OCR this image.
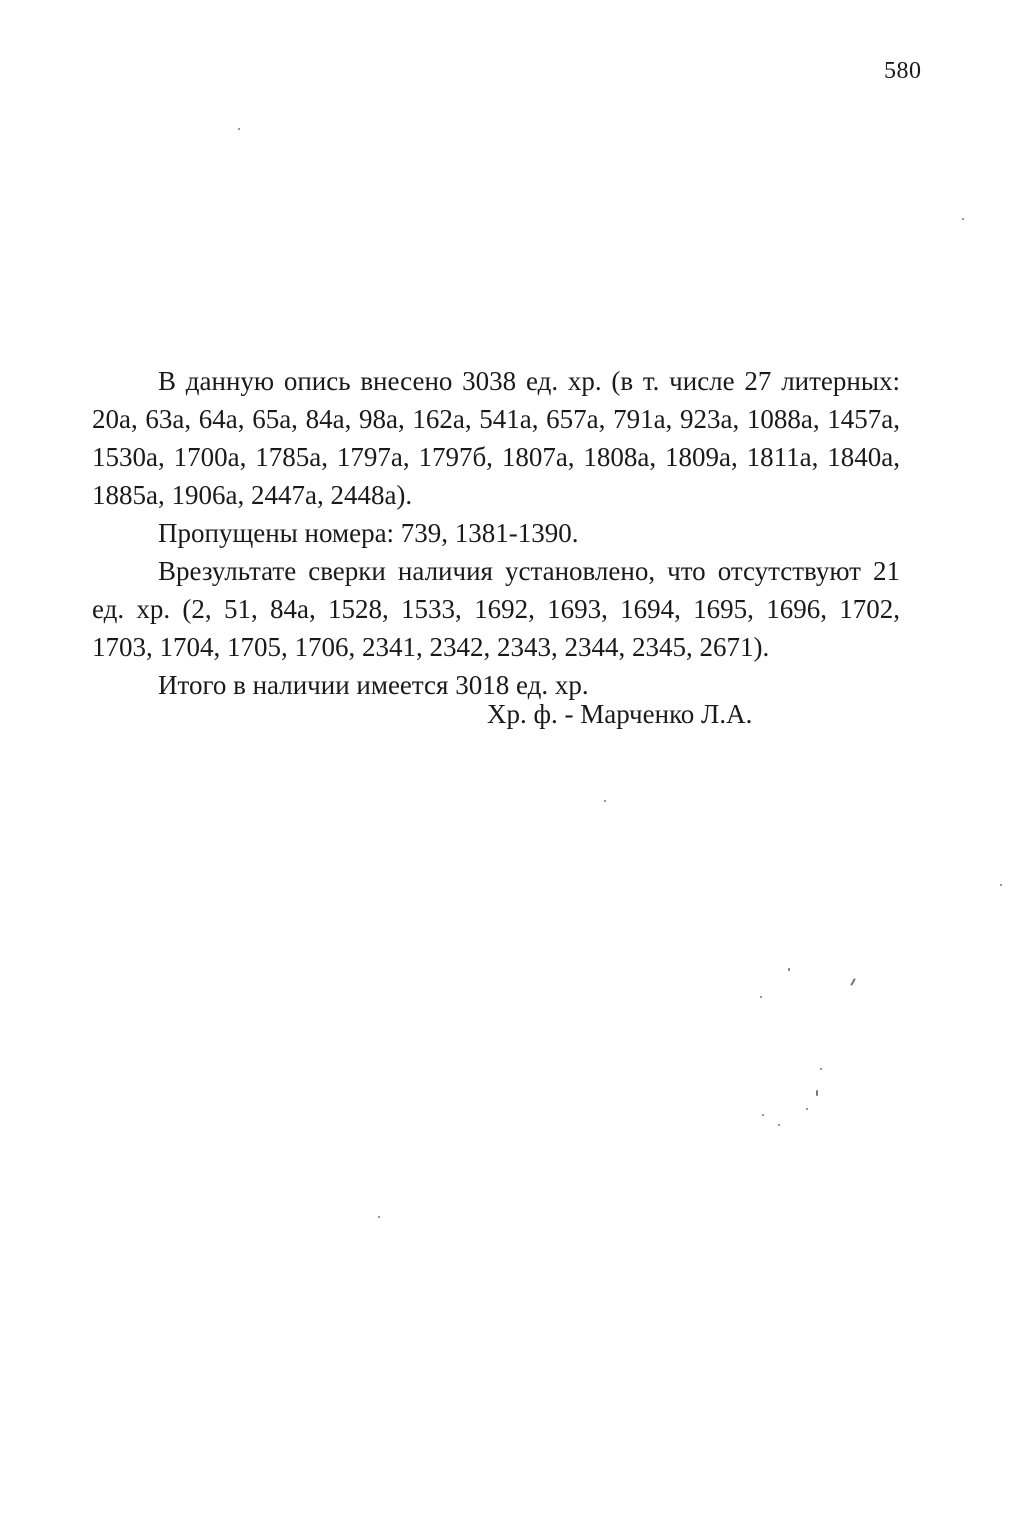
580

В данную опись внесено 3038 ед. хр. (в т. числе 27 литерных: 20а, 63а, 64а, 65а, 84а, 98а, 162а, 541а, 657а, 791а, 923а, 1088а, 1457а, 1530а, 1700а, 1785а, 1797а, 1797б, 1807а, 1808а, 1809а, 1811а, 1840а, 1885а, 1906а, 2447а, 2448а).

Пропущены номера: 739, 1381-1390.

Врезультате сверки наличия установлено, что отсутствуют 21 ед. хр. (2, 51, 84а, 1528, 1533, 1692, 1693, 1694, 1695, 1696, 1702, 1703, 1704, 1705, 1706, 2341, 2342, 2343, 2344, 2345, 2671).

Итого в наличии имеется 3018 ед. хр.

Хр. ф. - Марченко Л.А.
